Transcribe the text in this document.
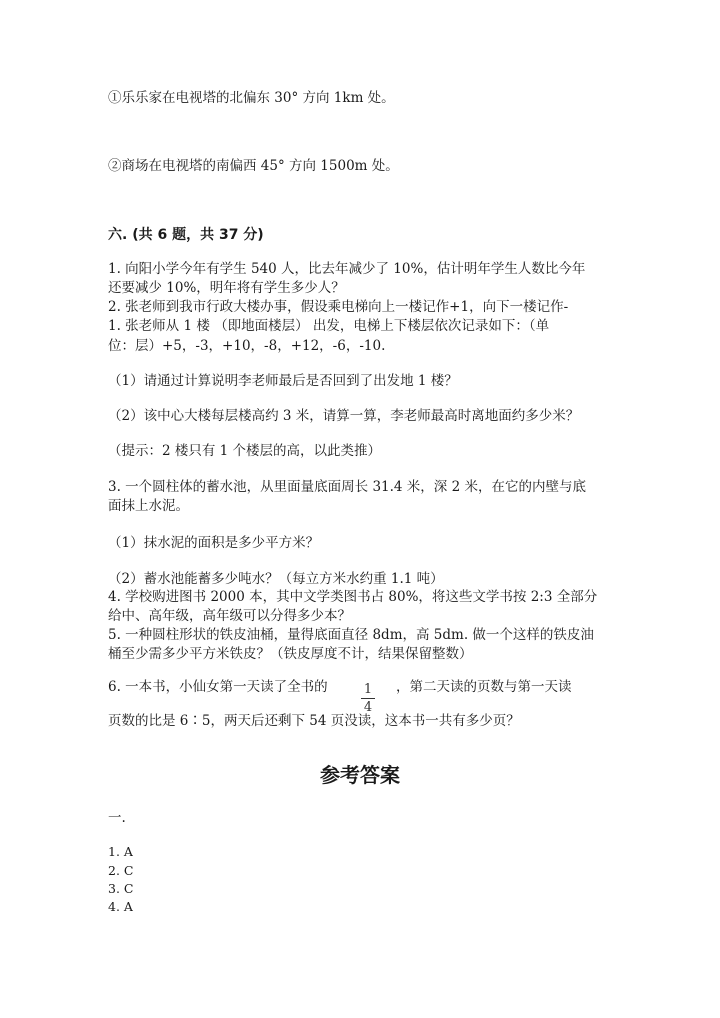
①乐乐家在电视塔的北偏东 30° 方向 1km 处。
②商场在电视塔的南偏西 45° 方向 1500m 处。
六. (共 6 题，共 37 分)
1. 向阳小学今年有学生 540 人，比去年减少了 10%，估计明年学生人数比今年
还要减少 10%，明年将有学生多少人？
2. 张老师到我市行政大楼办事，假设乘电梯向上一楼记作+1，向下一楼记作-
1. 张老师从 1 楼 （即地面楼层） 出发，电梯上下楼层依次记录如下：（单
位：层）+5，-3，+10，-8，+12，-6，-10.
（1）请通过计算说明李老师最后是否回到了出发地 1 楼？
（2）该中心大楼每层楼高约 3 米，请算一算，李老师最高时离地面约多少米？
（提示：2 楼只有 1 个楼层的高，以此类推）
3. 一个圆柱体的蓄水池，从里面量底面周长 31.4 米，深 2 米，在它的内壁与底
面抹上水泥。
（1）抹水泥的面积是多少平方米？
（2）蓄水池能蓄多少吨水？（每立方米水约重 1.1 吨）
4. 学校购进图书 2000 本，其中文学类图书占 80%，将这些文学书按 2:3 全部分
给中、高年级，高年级可以分得多少本？
5. 一种圆柱形状的铁皮油桶，量得底面直径 8dm，高 5dm. 做一个这样的铁皮油
桶至少需多少平方米铁皮？（铁皮厚度不计，结果保留整数）
6. 一本书，小仙女第一天读了全书的	1
4
，第二天读的页数与第一天读
页数的比是 6∶5，两天后还剩下 54 页没读，这本书一共有多少页？
参考答案
一.
1. A
2. C
3. C
4. A
